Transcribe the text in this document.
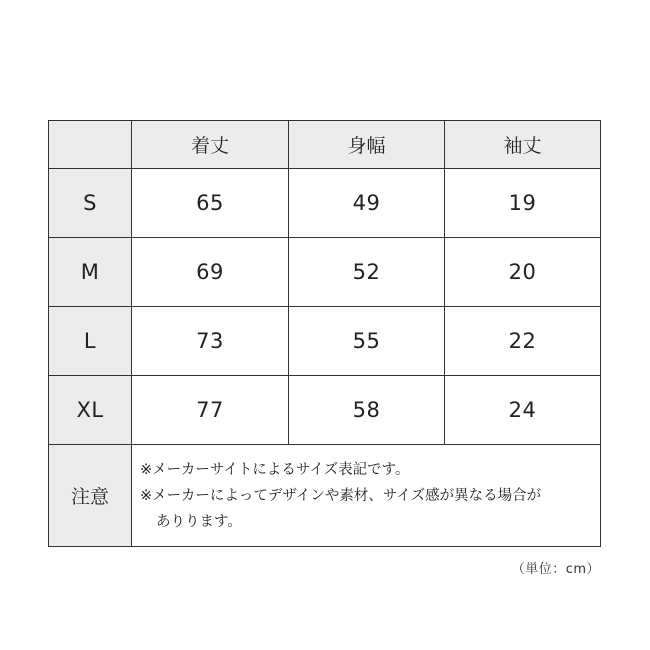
	着丈	身幅	袖丈
S	65	49	19
M	69	52	20
L	73	55	22
XL	77	58	24
注意	※メーカーサイトによるサイズ表記です。
※メーカーによってデザインや素材、サイズ感が異なる場合が
ありります。		
（単位：cm）
